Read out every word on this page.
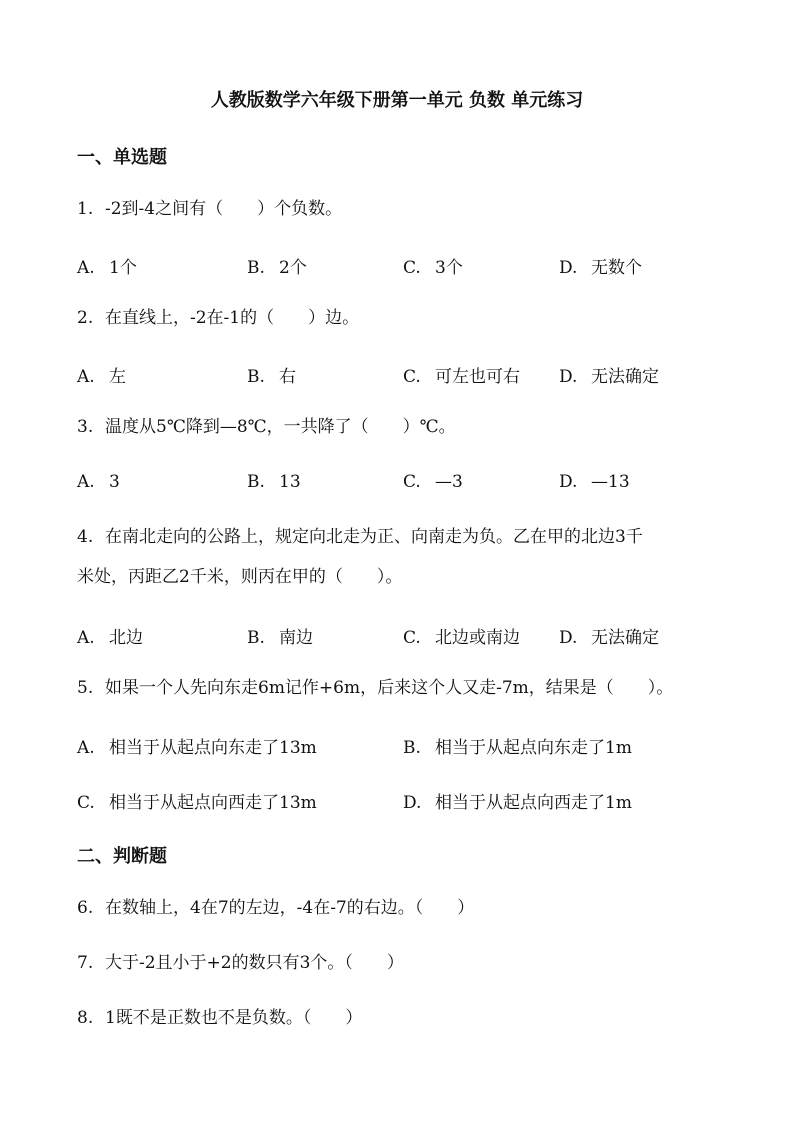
人教版数学六年级下册第一单元 负数 单元练习
一、单选题
1. -2到-4之间有（　　）个负数。
A. 1个	B. 2个	C. 3个	D. 无数个
2. 在直线上，-2在-1的（　　）边。
A. 左	B. 右	C. 可左也可右 D. 无法确定
3. 温度从5℃降到—8℃，一共降了（　　）℃。
A. 3	B. 13	C. —3	D. —13
4. 在南北走向的公路上，规定向北走为正、向南走为负。乙在甲的北边3千
米处，丙距乙2千米，则丙在甲的（　　）。
A. 北边	B. 南边	C. 北边或南边 D. 无法确定
5. 如果一个人先向东走6m记作+6m，后来这个人又走-7m，结果是（　　）。
A. 相当于从起点向东走了13m	B. 相当于从起点向东走了1m
C. 相当于从起点向西走了13m	D. 相当于从起点向西走了1m
二、判断题
6. 在数轴上，4在7的左边，-4在-7的右边。（　　）
7. 大于-2且小于+2的数只有3个。（　　）
8. 1既不是正数也不是负数。（　　）
